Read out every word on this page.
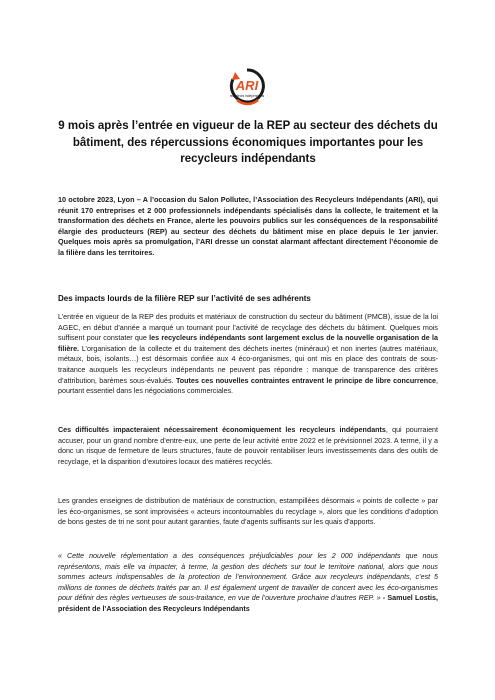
ARI
recycleurs indépendants
9 mois après l’entrée en vigueur de la REP au secteur des déchets du bâtiment, des répercussions économiques importantes pour les recycleurs indépendants

10 octobre 2023, Lyon – A l’occasion du Salon Pollutec, l’Association des Recycleurs Indépendants (ARI), qui réunit 170 entreprises et 2 000 professionnels indépendants spécialisés dans la collecte, le traitement et la transformation des déchets en France, alerte les pouvoirs publics sur les conséquences de la responsabilité élargie des producteurs (REP) au secteur des déchets du bâtiment mise en place depuis le 1er janvier. Quelques mois après sa promulgation, l’ARI dresse un constat alarmant affectant directement l’économie de la filière dans les territoires.

Des impacts lourds de la filière REP sur l’activité de ses adhérents

L’entrée en vigueur de la REP des produits et matériaux de construction du secteur du bâtiment (PMCB), issue de la loi AGEC, en début d’année a marqué un tournant pour l’activité de recyclage des déchets du bâtiment. Quelques mois suffisent pour constater que les recycleurs indépendants sont largement exclus de la nouvelle organisation de la filière. L’organisation de la collecte et du traitement des déchets inertes (minéraux) et non inertes (autres matériaux, métaux, bois, isolants…) est désormais confiée aux 4 éco-organismes, qui ont mis en place des contrats de sous-traitance auxquels les recycleurs indépendants ne peuvent pas répondre : manque de transparence des critères d’attribution, barèmes sous-évalués. Toutes ces nouvelles contraintes entravent le principe de libre concurrence, pourtant essentiel dans les négociations commerciales.

Ces difficultés impacteraient nécessairement économiquement les recycleurs indépendants, qui pourraient accuser, pour un grand nombre d’entre-eux, une perte de leur activité entre 2022 et le prévisionnel 2023. A terme, il y a donc un risque de fermeture de leurs structures, faute de pouvoir rentabiliser leurs investissements dans des outils de recyclage, et la disparition d’exutoires locaux des matières recyclés.

Les grandes enseignes de distribution de matériaux de construction, estampillées désormais « points de collecte » par les éco-organismes, se sont improvisées « acteurs incontournables du recyclage », alors que les conditions d’adoption de bons gestes de tri ne sont pour autant garanties, faute d’agents suffisants sur les quais d’apports.

« Cette nouvelle réglementation a des conséquences préjudiciables pour les 2 000 indépendants que nous représentons, mais elle va impacter, à terme, la gestion des déchets sur tout le territoire national, alors que nous sommes acteurs indispensables de la protection de l’environnement. Grâce aux recycleurs indépendants, c’est 5 millions de tonnes de déchets traités par an. Il est également urgent de travailler de concert avec les éco-organismes pour définir des règles vertueuses de sous-traitance, en vue de l’ouverture prochaine d’autres REP. » - Samuel Lostis, président de l’Association des Recycleurs Indépendants
